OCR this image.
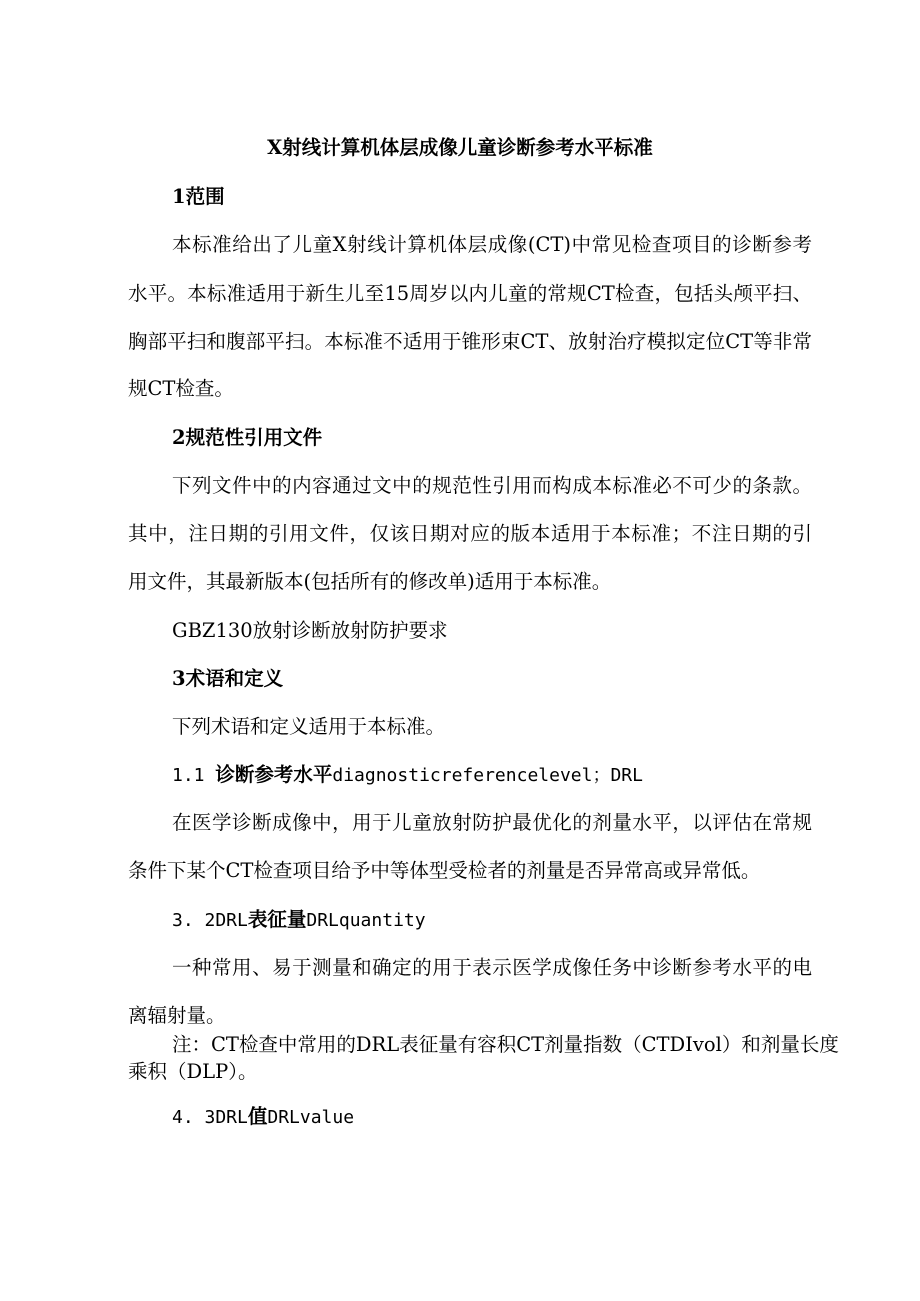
X射线计算机体层成像儿童诊断参考水平标准
1范围
本标准给出了儿童X射线计算机体层成像(CT)中常见检查项目的诊断参考
水平。本标准适用于新生儿至15周岁以内儿童的常规CT检查，包括头颅平扫、
胸部平扫和腹部平扫。本标准不适用于锥形束CT、放射治疗模拟定位CT等非常
规CT检查。
2规范性引用文件
下列文件中的内容通过文中的规范性引用而构成本标准必不可少的条款。
其中，注日期的引用文件，仅该日期对应的版本适用于本标准；不注日期的引
用文件，其最新版本(包括所有的修改单)适用于本标准。
GBZ130放射诊断放射防护要求
3术语和定义
下列术语和定义适用于本标准。
1.1 诊断参考水平diagnosticreferencelevel；DRL
在医学诊断成像中，用于儿童放射防护最优化的剂量水平，以评估在常规
条件下某个CT检查项目给予中等体型受检者的剂量是否异常高或异常低。
3. 2DRL表征量DRLquantity
一种常用、易于测量和确定的用于表示医学成像任务中诊断参考水平的电
离辐射量。
注：CT检查中常用的DRL表征量有容积CT剂量指数（CTDIvol）和剂量长度
乘积（DLP）。
4. 3DRL值DRLvalue
